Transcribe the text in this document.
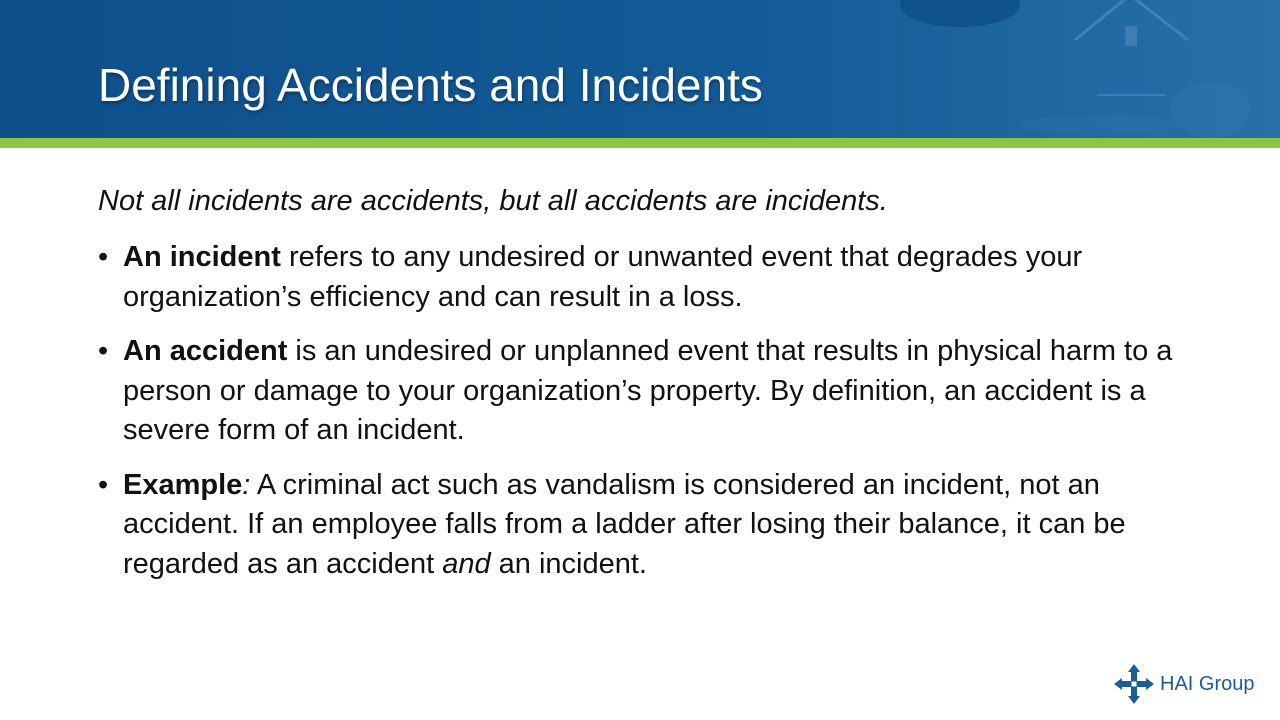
Defining Accidents and Incidents
Not all incidents are accidents, but all accidents are incidents.
• An incident refers to any undesired or unwanted event that degrades your organization’s efficiency and can result in a loss.
• An accident is an undesired or unplanned event that results in physical harm to a person or damage to your organization’s property. By definition, an accident is a severe form of an incident.
• Example: A criminal act such as vandalism is considered an incident, not an accident. If an employee falls from a ladder after losing their balance, it can be regarded as an accident and an incident.
HAI Group
